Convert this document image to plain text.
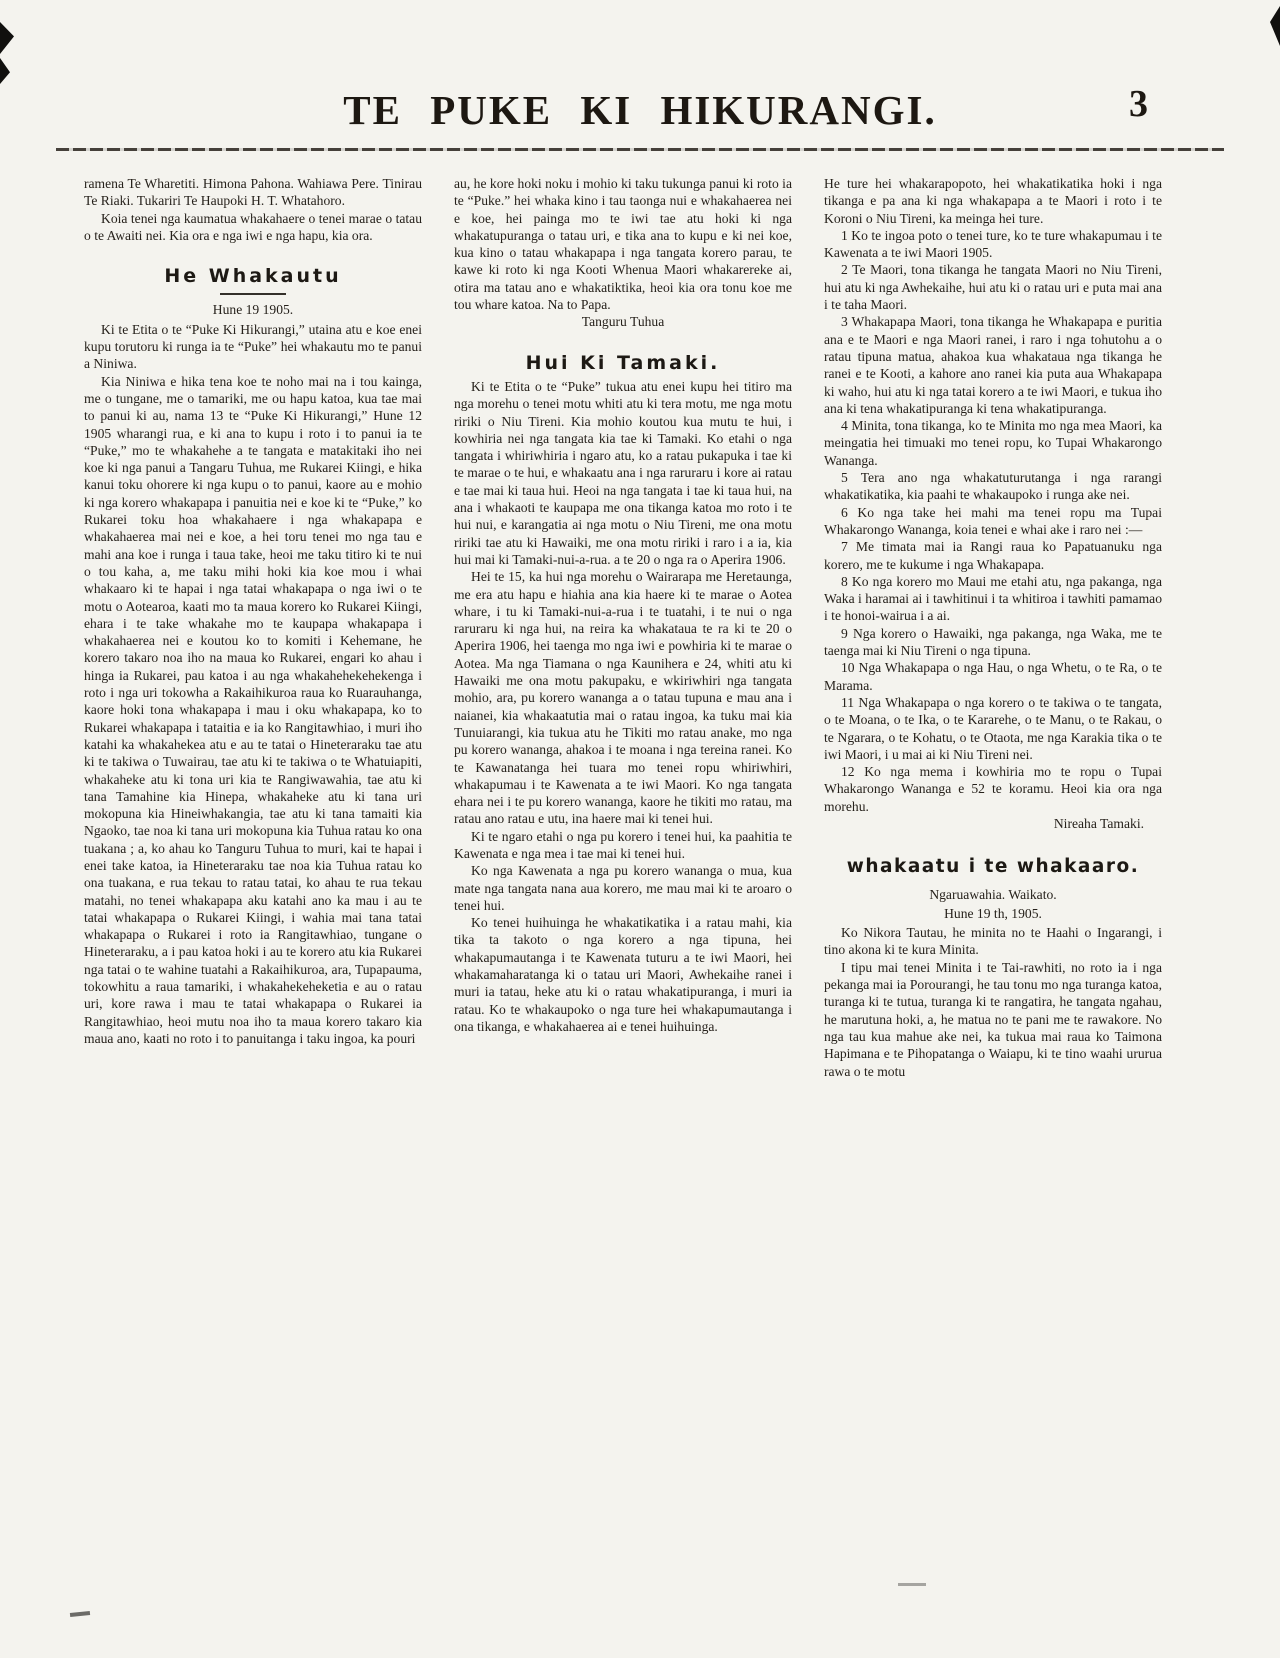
TE PUKE KI HIKURANGI.	3

ramena Te Wharetiti. Himona Pahona. Wahiawa Pere. Tinirau Te Riaki. Tukariri Te Haupoki H. T. Whatahoro.

Koia tenei nga kaumatua whakahaere o tenei marae o tatau o te Awaiti nei. Kia ora e nga iwi e nga hapu, kia ora.

He Whakautu

Hune 19 1905.

Ki te Etita o te “Puke Ki Hikurangi,” utaina atu e koe enei kupu torutoru ki runga ia te “Puke” hei whakautu mo te panui a Niniwa.

Kia Niniwa e hika tena koe te noho mai na i tou kainga, me o tungane, me o tamariki, me ou hapu katoa, kua tae mai to panui ki au, nama 13 te “Puke Ki Hikurangi,” Hune 12 1905 wharangi rua, e ki ana to kupu i roto i to panui ia te “Puke,” mo te whakahehe a te tangata e matakitaki iho nei koe ki nga panui a Tangaru Tuhua, me Rukarei Kiingi, e hika kanui toku ohorere ki nga kupu o to panui, kaore au e mohio ki nga korero whakapapa i panuitia nei e koe ki te “Puke,” ko Rukarei toku hoa whakahaere i nga whakapapa e whakahaerea mai nei e koe, a hei toru tenei mo nga tau e mahi ana koe i runga i taua take, heoi me taku titiro ki te nui o tou kaha, a, me taku mihi hoki kia koe mou i whai whakaaro ki te hapai i nga tatai whakapapa o nga iwi o te motu o Aotearoa, kaati mo ta maua korero ko Rukarei Kiingi, ehara i te take whakahe mo te kaupapa whakapapa i whakahaerea nei e koutou ko to komiti i Kehemane, he korero takaro noa iho na maua ko Rukarei, engari ko ahau i hinga ia Rukarei, pau katoa i au nga whakahehekehekenga i roto i nga uri tokowha a Rakaihikuroa raua ko Ruarauhanga, kaore hoki tona whakapapa i mau i oku whakapapa, ko to Rukarei whakapapa i tataitia e ia ko Rangitawhiao, i muri iho katahi ka whakahekea atu e au te tatai o Hineteraraku tae atu ki te takiwa o Tuwairau, tae atu ki te takiwa o te Whatuiapiti, whakaheke atu ki tona uri kia te Rangiwawahia, tae atu ki tana Tamahine kia Hinepa, whakaheke atu ki tana uri mokopuna kia Hineiwhakangia, tae atu ki tana tamaiti kia Ngaoko, tae noa ki tana uri mokopuna kia Tuhua ratau ko ona tuakana ; a, ko ahau ko Tanguru Tuhua to muri, kai te hapai i enei take katoa, ia Hineteraraku tae noa kia Tuhua ratau ko ona tuakana, e rua tekau to ratau tatai, ko ahau te rua tekau matahi, no tenei whakapapa aku katahi ano ka mau i au te tatai whakapapa o Rukarei Kiingi, i wahia mai tana tatai whakapapa o Rukarei i roto ia Rangitawhiao, tungane o Hineteraraku, a i pau katoa hoki i au te korero atu kia Rukarei nga tatai o te wahine tuatahi a Rakaihikuroa, ara, Tupapauma, tokowhitu a raua tamariki, i whakahekeheketia e au o ratau uri, kore rawa i mau te tatai whakapapa o Rukarei ia Rangitawhiao, heoi mutu noa iho ta maua korero takaro kia maua ano, kaati no roto i to panuitanga i taku ingoa, ka pouri

au, he kore hoki noku i mohio ki taku tukunga panui ki roto ia te “Puke.” hei whaka kino i tau taonga nui e whakahaerea nei e koe, hei painga mo te iwi tae atu hoki ki nga whakatupuranga o tatau uri, e tika ana to kupu e ki nei koe, kua kino o tatau whakapapa i nga tangata korero parau, te kawe ki roto ki nga Kooti Whenua Maori whakarereke ai, otira ma tatau ano e whakatiktika, heoi kia ora tonu koe me tou whare katoa. Na to Papa.

Tanguru Tuhua

Hui Ki Tamaki.

Ki te Etita o te “Puke” tukua atu enei kupu hei titiro ma nga morehu o tenei motu whiti atu ki tera motu, me nga motu ririki o Niu Tireni. Kia mohio koutou kua mutu te hui, i kowhiria nei nga tangata kia tae ki Tamaki. Ko etahi o nga tangata i whiriwhiria i ngaro atu, ko a ratau pukapuka i tae ki te marae o te hui, e whakaatu ana i nga raruraru i kore ai ratau e tae mai ki taua hui. Heoi na nga tangata i tae ki taua hui, na ana i whakaoti te kaupapa me ona tikanga katoa mo roto i te hui nui, e karangatia ai nga motu o Niu Tireni, me ona motu ririki tae atu ki Hawaiki, me ona motu ririki i raro i a ia, kia hui mai ki Tamaki-nui-a-rua. a te 20 o nga ra o Aperira 1906.

Hei te 15, ka hui nga morehu o Wairarapa me Heretaunga, me era atu hapu e hiahia ana kia haere ki te marae o Aotea whare, i tu ki Tamaki-nui-a-rua i te tuatahi, i te nui o nga raruraru ki nga hui, na reira ka whakataua te ra ki te 20 o Aperira 1906, hei taenga mo nga iwi e powhiria ki te marae o Aotea. Ma nga Tiamana o nga Kaunihera e 24, whiti atu ki Hawaiki me ona motu pakupaku, e wkiriwhiri nga tangata mohio, ara, pu korero wananga a o tatau tupuna e mau ana i naianei, kia whakaatutia mai o ratau ingoa, ka tuku mai kia Tunuiarangi, kia tukua atu he Tikiti mo ratau anake, mo nga pu korero wananga, ahakoa i te moana i nga tereina ranei. Ko te Kawanatanga hei tuara mo tenei ropu whiriwhiri, whakapumau i te Kawenata a te iwi Maori. Ko nga tangata ehara nei i te pu korero wananga, kaore he tikiti mo ratau, ma ratau ano ratau e utu, ina haere mai ki tenei hui.

Ki te ngaro etahi o nga pu korero i tenei hui, ka paahitia te Kawenata e nga mea i tae mai ki tenei hui.

Ko nga Kawenata a nga pu korero wananga o mua, kua mate nga tangata nana aua korero, me mau mai ki te aroaro o tenei hui.

Ko tenei huihuinga he whakatikatika i a ratau mahi, kia tika ta takoto o nga korero a nga tipuna, hei whakapumautanga i te Kawenata tuturu a te iwi Maori, hei whakamaharatanga ki o tatau uri Maori, Awhekaihe ranei i muri ia tatau, heke atu ki o ratau whakatipuranga, i muri ia ratau. Ko te whakaupoko o nga ture hei whakapumautanga i ona tikanga, e whakahaerea ai e tenei huihuinga.

He ture hei whakarapopoto, hei whakatikatika hoki i nga tikanga e pa ana ki nga whakapapa a te Maori i roto i te Koroni o Niu Tireni, ka meinga hei ture.

1 Ko te ingoa poto o tenei ture, ko te ture whakapumau i te Kawenata a te iwi Maori 1905.

2 Te Maori, tona tikanga he tangata Maori no Niu Tireni, hui atu ki nga Awhekaihe, hui atu ki o ratau uri e puta mai ana i te taha Maori.

3 Whakapapa Maori, tona tikanga he Whakapapa e puritia ana e te Maori e nga Maori ranei, i raro i nga tohutohu a o ratau tipuna matua, ahakoa kua whakataua nga tikanga he ranei e te Kooti, a kahore ano ranei kia puta aua Whakapapa ki waho, hui atu ki nga tatai korero a te iwi Maori, e tukua iho ana ki tena whakatipuranga ki tena whakatipuranga.

4 Minita, tona tikanga, ko te Minita mo nga mea Maori, ka meingatia hei timuaki mo tenei ropu, ko Tupai Whakarongo Wananga.

5 Tera ano nga whakatuturutanga i nga rarangi whakatikatika, kia paahi te whakaupoko i runga ake nei.

6 Ko nga take hei mahi ma tenei ropu ma Tupai Whakarongo Wananga, koia tenei e whai ake i raro nei :—

7 Me timata mai ia Rangi raua ko Papatuanuku nga korero, me te kukume i nga Whakapapa.

8 Ko nga korero mo Maui me etahi atu, nga pakanga, nga Waka i haramai ai i tawhitinui i ta whitiroa i tawhiti pamamao i te honoi-wairua i a ai.

9 Nga korero o Hawaiki, nga pakanga, nga Waka, me te taenga mai ki Niu Tireni o nga tipuna.

10 Nga Whakapapa o nga Hau, o nga Whetu, o te Ra, o te Marama.

11 Nga Whakapapa o nga korero o te takiwa o te tangata, o te Moana, o te Ika, o te Kararehe, o te Manu, o te Rakau, o te Ngarara, o te Kohatu, o te Otaota, me nga Karakia tika o te iwi Maori, i u mai ai ki Niu Tireni nei.

12 Ko nga mema i kowhiria mo te ropu o Tupai Whakarongo Wananga e 52 te koramu. Heoi kia ora nga morehu.

Nireaha Tamaki.

whakaatu i te whakaaro.

Ngaruawahia. Waikato.

Hune 19 th, 1905.

Ko Nikora Tautau, he minita no te Haahi o Ingarangi, i tino akona ki te kura Minita.

I tipu mai tenei Minita i te Tai-rawhiti, no roto ia i nga pekanga mai ia Porourangi, he tau tonu mo nga turanga katoa, turanga ki te tutua, turanga ki te rangatira, he tangata ngahau, he marutuna hoki, a, he matua no te pani me te rawakore. No nga tau kua mahue ake nei, ka tukua mai raua ko Taimona Hapimana e te Pihopatanga o Waiapu, ki te tino waahi ururua rawa o te motu
